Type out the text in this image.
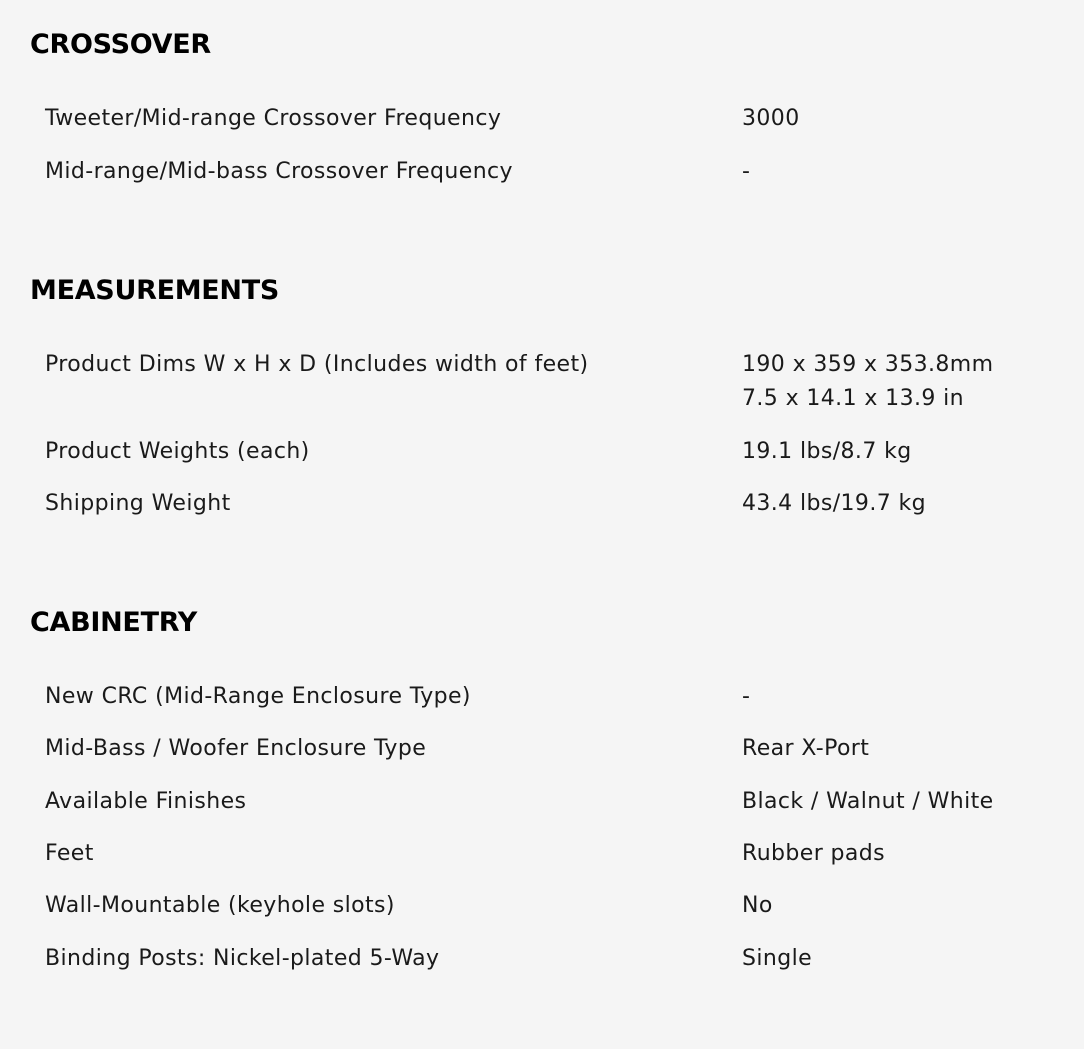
CROSSOVER
Tweeter/Mid-range Crossover Frequency	3000
Mid-range/Mid-bass Crossover Frequency	-
MEASUREMENTS
Product Dims W x H x D (Includes width of feet)	190 x 359 x 353.8mm
7.5 x 14.1 x 13.9 in
Product Weights (each)	19.1 lbs/8.7 kg
Shipping Weight	43.4 lbs/19.7 kg
CABINETRY
New CRC (Mid-Range Enclosure Type)	-
Mid-Bass / Woofer Enclosure Type	Rear X-Port
Available Finishes	Black / Walnut / White
Feet	Rubber pads
Wall-Mountable (keyhole slots)	No
Binding Posts: Nickel-plated 5-Way	Single
